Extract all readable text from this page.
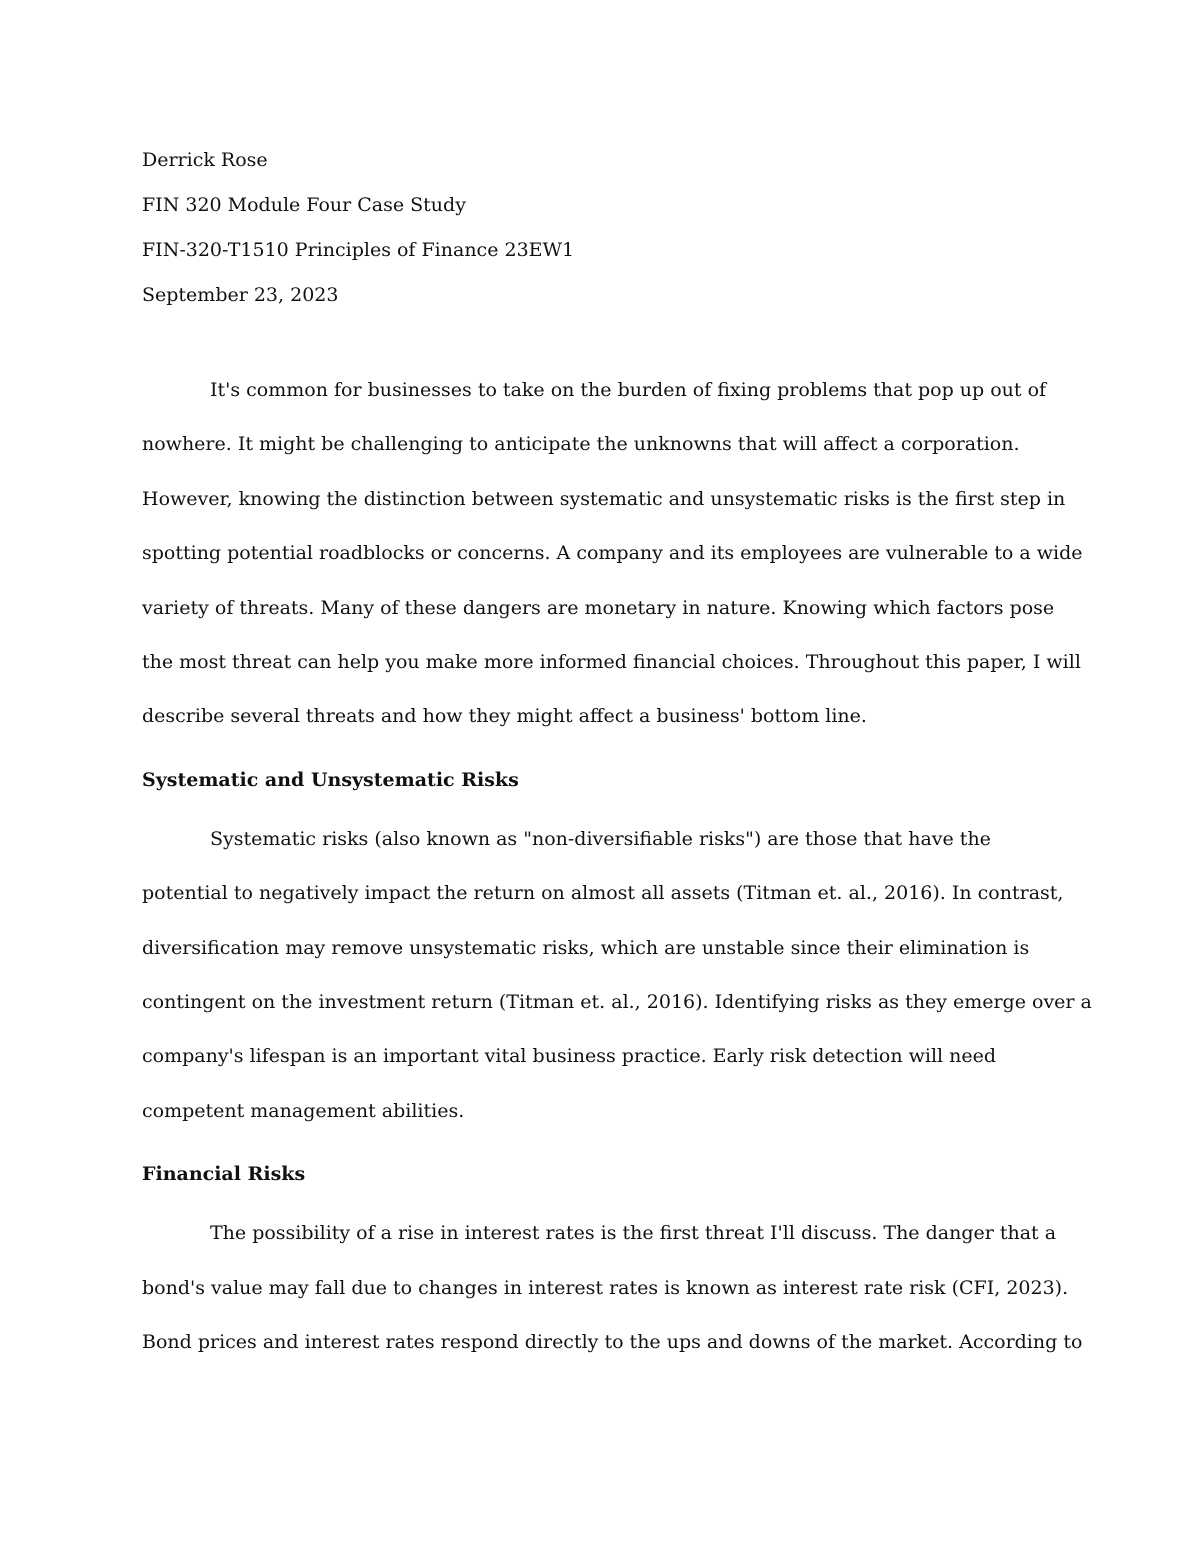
Derrick Rose

FIN 320 Module Four Case Study

FIN-320-T1510 Principles of Finance 23EW1

September 23, 2023

It's common for businesses to take on the burden of fixing problems that pop up out of
nowhere. It might be challenging to anticipate the unknowns that will affect a corporation.
However, knowing the distinction between systematic and unsystematic risks is the first step in
spotting potential roadblocks or concerns. A company and its employees are vulnerable to a wide
variety of threats. Many of these dangers are monetary in nature. Knowing which factors pose
the most threat can help you make more informed financial choices. Throughout this paper, I will
describe several threats and how they might affect a business' bottom line.
Systematic and Unsystematic Risks
Systematic risks (also known as "non-diversifiable risks") are those that have the
potential to negatively impact the return on almost all assets (Titman et. al., 2016). In contrast,
diversification may remove unsystematic risks, which are unstable since their elimination is
contingent on the investment return (Titman et. al., 2016). Identifying risks as they emerge over a
company's lifespan is an important vital business practice. Early risk detection will need
competent management abilities.
Financial Risks
The possibility of a rise in interest rates is the first threat I'll discuss. The danger that a
bond's value may fall due to changes in interest rates is known as interest rate risk (CFI, 2023).
Bond prices and interest rates respond directly to the ups and downs of the market. According to
